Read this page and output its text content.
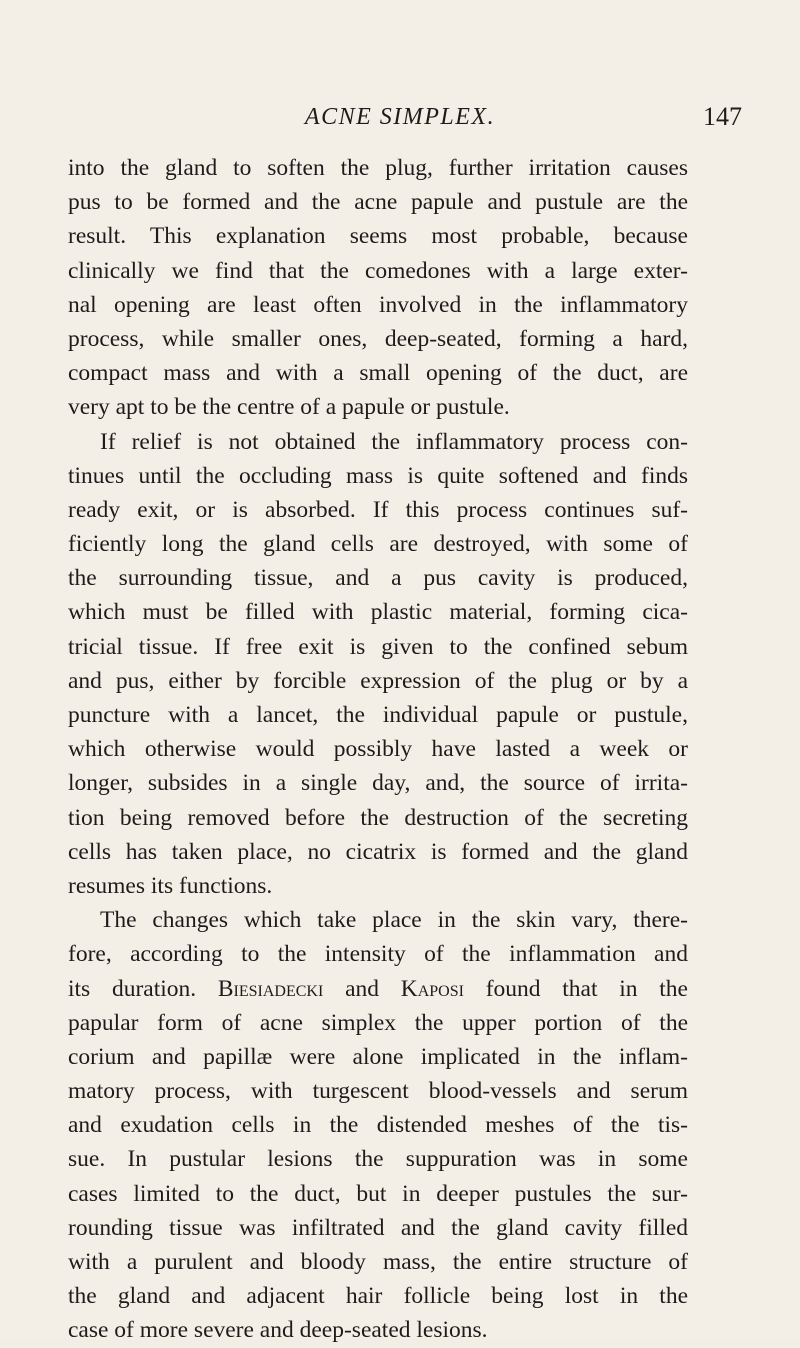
ACNE SIMPLEX.	147
into the gland to soften the plug, further irritation causes
pus to be formed and the acne papule and pustule are the
result. This explanation seems most probable, because
clinically we find that the comedones with a large exter-
nal opening are least often involved in the inflammatory
process, while smaller ones, deep-seated, forming a hard,
compact mass and with a small opening of the duct, are
very apt to be the centre of a papule or pustule.
If relief is not obtained the inflammatory process con-
tinues until the occluding mass is quite softened and finds
ready exit, or is absorbed. If this process continues suf-
ficiently long the gland cells are destroyed, with some of
the surrounding tissue, and a pus cavity is produced,
which must be filled with plastic material, forming cica-
tricial tissue. If free exit is given to the confined sebum
and pus, either by forcible expression of the plug or by a
puncture with a lancet, the individual papule or pustule,
which otherwise would possibly have lasted a week or
longer, subsides in a single day, and, the source of irrita-
tion being removed before the destruction of the secreting
cells has taken place, no cicatrix is formed and the gland
resumes its functions.
The changes which take place in the skin vary, there-
fore, according to the intensity of the inflammation and
its duration. Biesiadecki and Kaposi found that in the
papular form of acne simplex the upper portion of the
corium and papillæ were alone implicated in the inflam-
matory process, with turgescent blood-vessels and serum
and exudation cells in the distended meshes of the tis-
sue. In pustular lesions the suppuration was in some
cases limited to the duct, but in deeper pustules the sur-
rounding tissue was infiltrated and the gland cavity filled
with a purulent and bloody mass, the entire structure of
the gland and adjacent hair follicle being lost in the
case of more severe and deep-seated lesions.
